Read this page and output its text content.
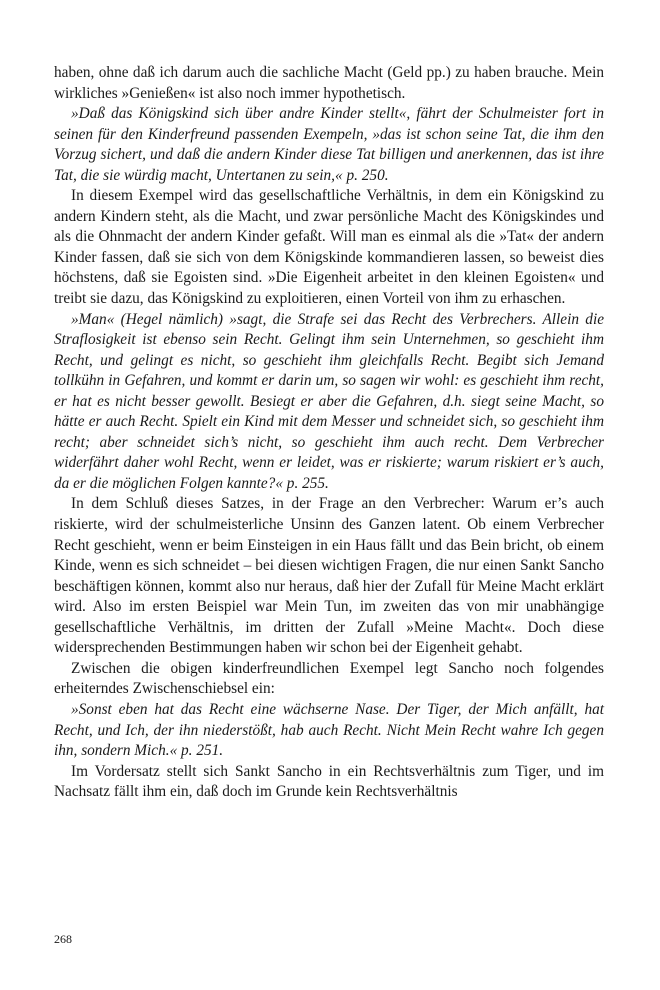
haben, ohne daß ich darum auch die sachliche Macht (Geld pp.) zu haben brauche. Mein wirkliches »Genießen« ist also noch immer hypothetisch.

»Daß das Königskind sich über andre Kinder stellt«, fährt der Schulmeister fort in seinen für den Kinderfreund passenden Exempeln, »das ist schon seine Tat, die ihm den Vorzug sichert, und daß die andern Kinder diese Tat billigen und anerkennen, das ist ihre Tat, die sie würdig macht, Untertanen zu sein,« p. 250.

In diesem Exempel wird das gesellschaftliche Verhältnis, in dem ein Königskind zu andern Kindern steht, als die Macht, und zwar persönliche Macht des Königskindes und als die Ohnmacht der andern Kinder gefaßt. Will man es einmal als die »Tat« der andern Kinder fassen, daß sie sich von dem Königskinde kommandieren lassen, so beweist dies höchstens, daß sie Egoisten sind. »Die Eigenheit arbeitet in den kleinen Egoisten« und treibt sie dazu, das Königskind zu exploitieren, einen Vorteil von ihm zu erhaschen.

»Man« (Hegel nämlich) »sagt, die Strafe sei das Recht des Verbrechers. Allein die Straflosigkeit ist ebenso sein Recht. Gelingt ihm sein Unternehmen, so geschieht ihm Recht, und gelingt es nicht, so geschieht ihm gleichfalls Recht. Begibt sich Jemand tollkühn in Gefahren, und kommt er darin um, so sagen wir wohl: es geschieht ihm recht, er hat es nicht besser gewollt. Besiegt er aber die Gefahren, d.h. siegt seine Macht, so hätte er auch Recht. Spielt ein Kind mit dem Messer und schneidet sich, so geschieht ihm recht; aber schneidet sich’s nicht, so geschieht ihm auch recht. Dem Verbrecher widerfährt daher wohl Recht, wenn er leidet, was er riskierte; warum riskiert er’s auch, da er die möglichen Folgen kannte?« p. 255.

In dem Schluß dieses Satzes, in der Frage an den Verbrecher: Warum er’s auch riskierte, wird der schulmeisterliche Unsinn des Ganzen latent. Ob einem Verbrecher Recht geschieht, wenn er beim Einsteigen in ein Haus fällt und das Bein bricht, ob einem Kinde, wenn es sich schneidet – bei diesen wichtigen Fragen, die nur einen Sankt Sancho beschäftigen können, kommt also nur heraus, daß hier der Zufall für Meine Macht erklärt wird. Also im ersten Beispiel war Mein Tun, im zweiten das von mir unabhängige gesellschaftliche Verhältnis, im dritten der Zufall »Meine Macht«. Doch diese widersprechenden Bestimmungen haben wir schon bei der Eigenheit gehabt.

Zwischen die obigen kinderfreundlichen Exempel legt Sancho noch folgendes erheiterndes Zwischenschiebsel ein:

»Sonst eben hat das Recht eine wächserne Nase. Der Tiger, der Mich anfällt, hat Recht, und Ich, der ihn niederstößt, hab auch Recht. Nicht Mein Recht wahre Ich gegen ihn, sondern Mich.« p. 251.

Im Vordersatz stellt sich Sankt Sancho in ein Rechtsverhältnis zum Tiger, und im Nachsatz fällt ihm ein, daß doch im Grunde kein Rechtsverhältnis

268
